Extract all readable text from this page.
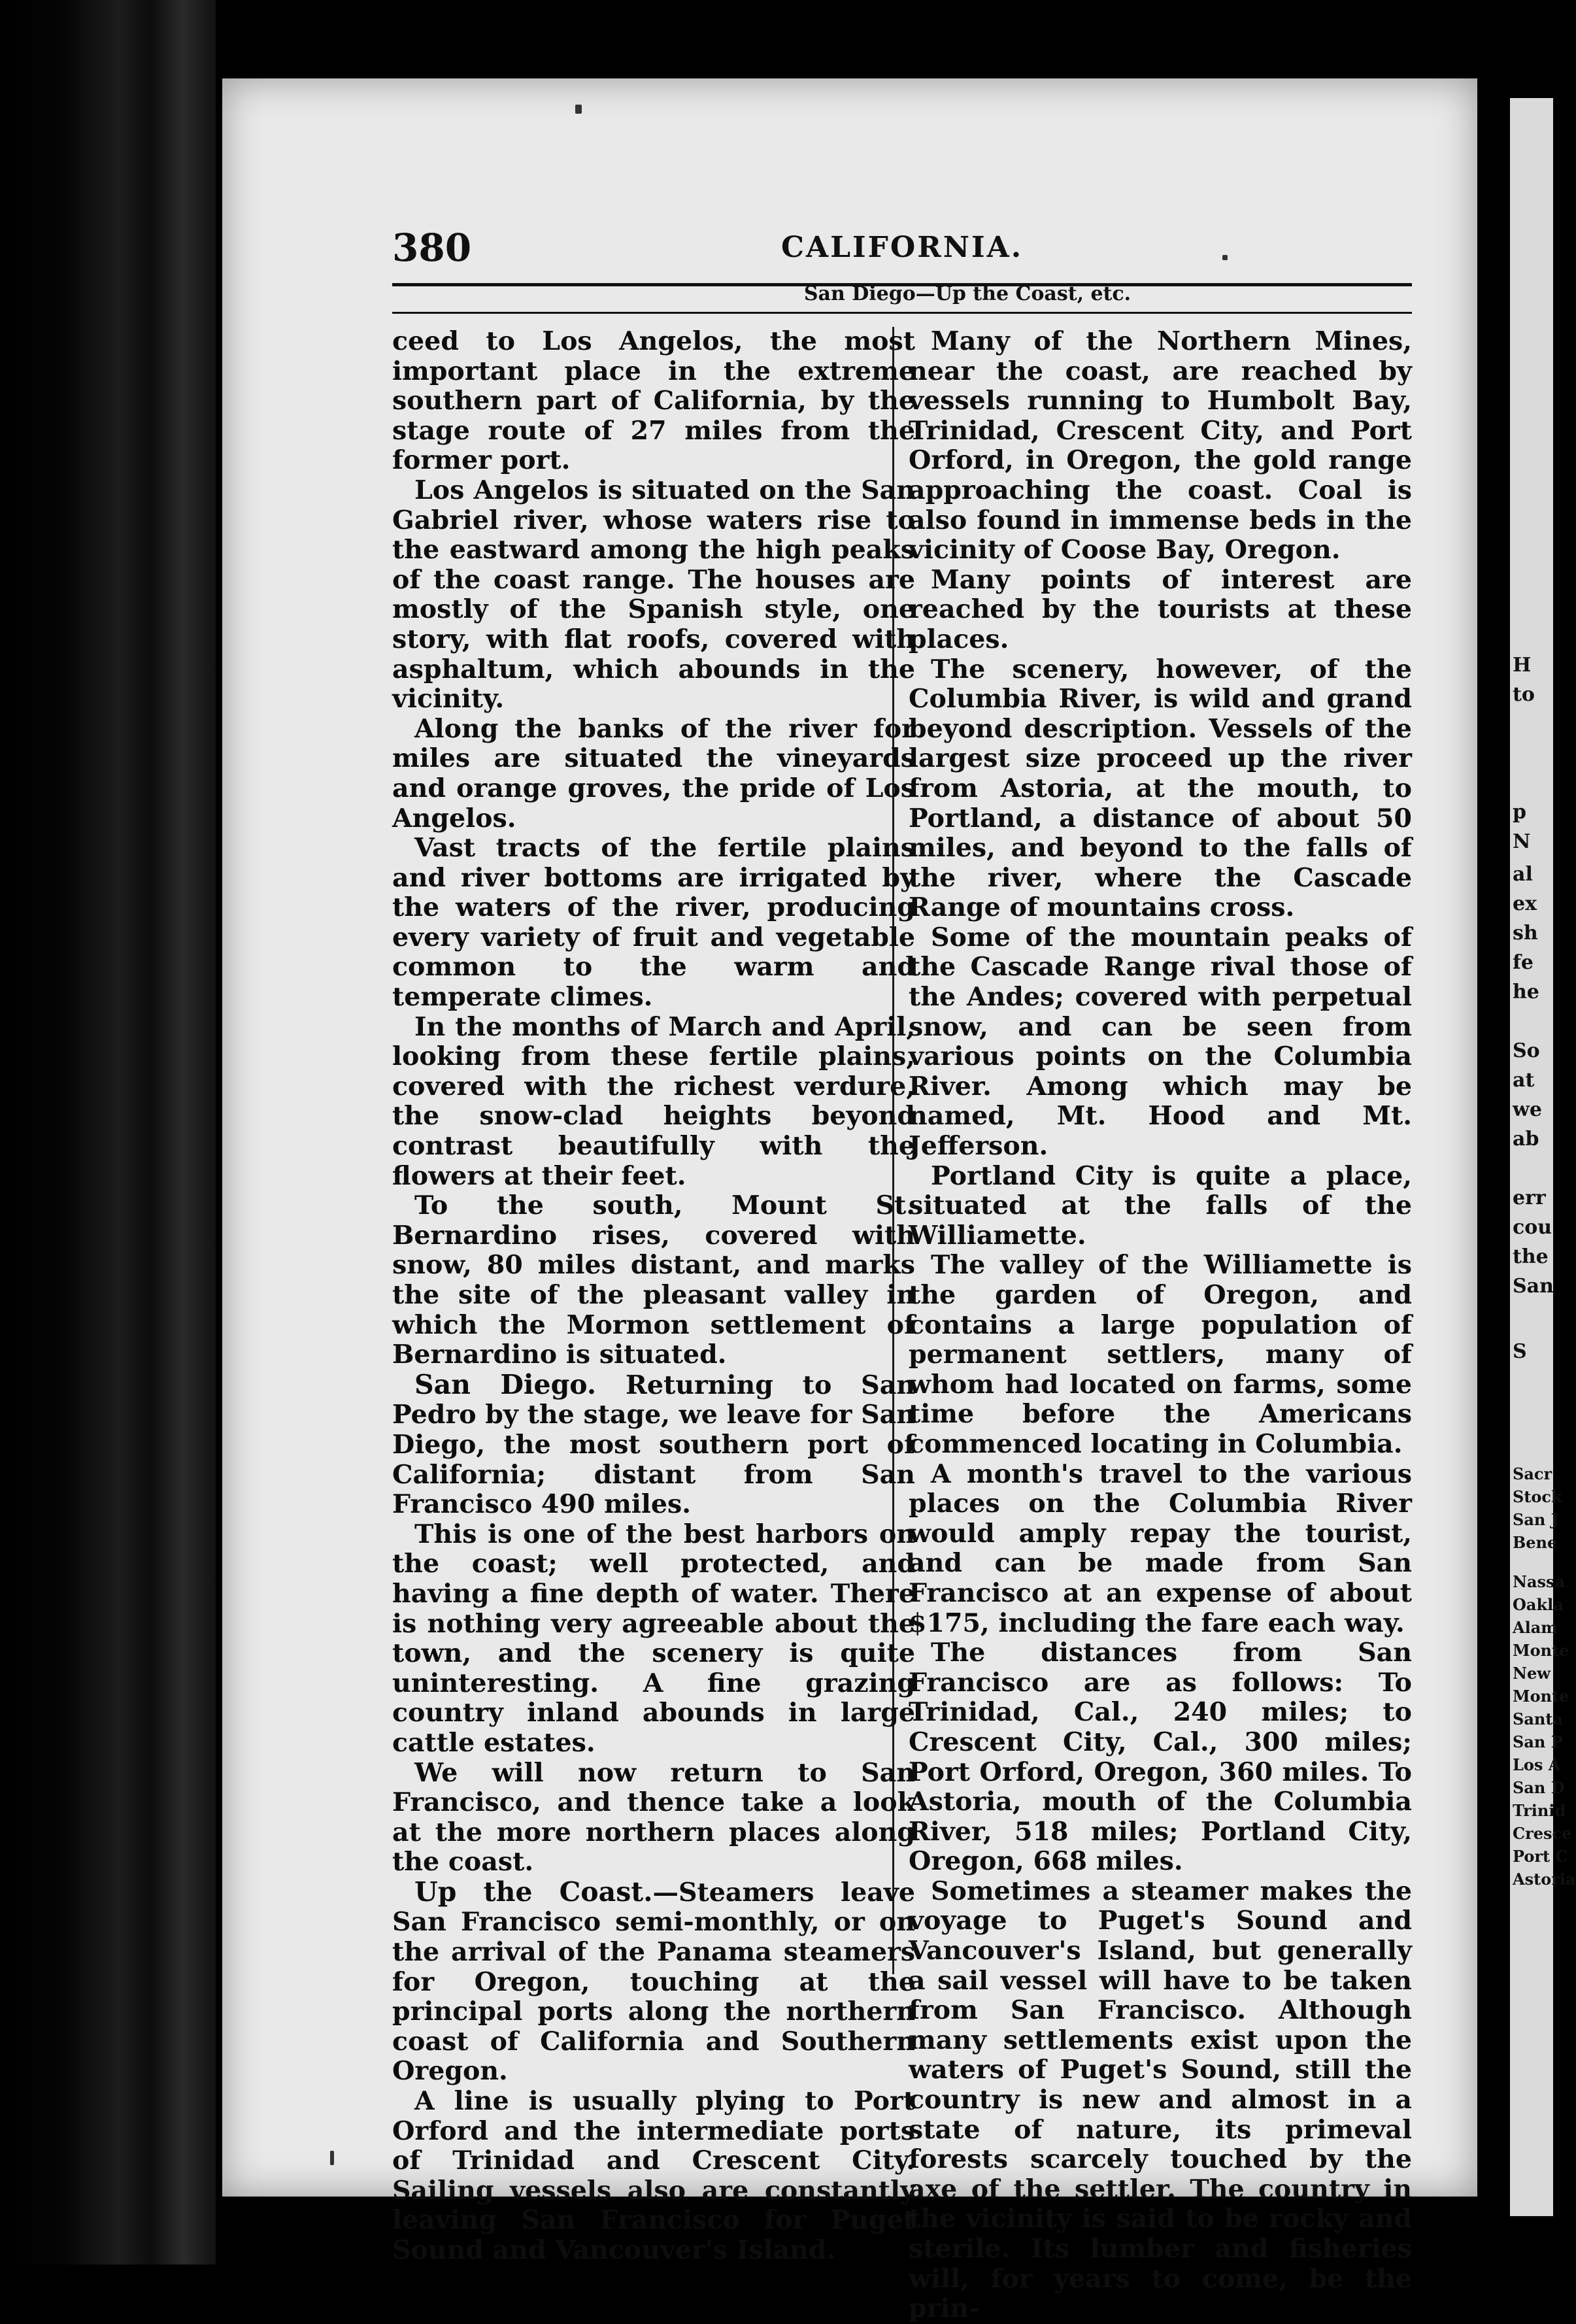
H
to
p
N
al
ex
sh
fe
he
So
at
we
ab
err
cou
the
San
S
Sacr
Stock
San J
Bene
Nassa
Oakla
Alam
Monte
New
Monte
Santa
San P
Los A
San D
Trinid
Cresce
Port C
Astoria
380	CALIFORNIA.
San Diego—Up the Coast, etc.

ceed to Los Angelos, the most important place in the extreme southern part of California, by the stage route of 27 miles from the former port.

Los Angelos is situated on the San Gabriel river, whose waters rise to the eastward among the high peaks of the coast range. The houses are mostly of the Spanish style, one story, with flat roofs, covered with asphaltum, which abounds in the vicinity.

Along the banks of the river for miles are situated the vineyards and orange groves, the pride of Los Angelos.

Vast tracts of the fertile plains and river bottoms are irrigated by the waters of the river, producing every variety of fruit and vegetable common to the warm and temperate climes.

In the months of March and April, looking from these fertile plains, covered with the richest verdure, the snow-clad heights beyond contrast beautifully with the flowers at their feet.

To the south, Mount St. Bernardino rises, covered with snow, 80 miles distant, and marks the site of the pleasant valley in which the Mormon settlement of Bernardino is situated.

San Diego. Returning to San Pedro by the stage, we leave for San Diego, the most southern port of California; distant from San Francisco 490 miles.

This is one of the best harbors on the coast; well protected, and having a fine depth of water. There is nothing very agreeable about the town, and the scenery is quite uninteresting. A fine grazing country inland abounds in large cattle estates.

We will now return to San Francisco, and thence take a look at the more northern places along the coast.

Up the Coast.—Steamers leave San Francisco semi-monthly, or on the arrival of the Panama steamers for Oregon, touching at the principal ports along the northern coast of California and Southern Oregon.

A line is usually plying to Port Orford and the intermediate ports of Trinidad and Crescent City. Sailing vessels also are constantly leaving San Francisco for Puget Sound and Vancouver's Island.

Many of the Northern Mines, near the coast, are reached by vessels running to Humbolt Bay, Trinidad, Crescent City, and Port Orford, in Oregon, the gold range approaching the coast. Coal is also found in immense beds in the vicinity of Coose Bay, Oregon.

Many points of interest are reached by the tourists at these places.

The scenery, however, of the Columbia River, is wild and grand beyond description. Vessels of the largest size proceed up the river from Astoria, at the mouth, to Portland, a distance of about 50 miles, and beyond to the falls of the river, where the Cascade Range of mountains cross.

Some of the mountain peaks of the Cascade Range rival those of the Andes; covered with perpetual snow, and can be seen from various points on the Columbia River. Among which may be named, Mt. Hood and Mt. Jefferson.

Portland City is quite a place, situated at the falls of the Williamette.

The valley of the Williamette is the garden of Oregon, and contains a large population of permanent settlers, many of whom had located on farms, some time before the Americans commenced locating in Columbia.

A month's travel to the various places on the Columbia River would amply repay the tourist, and can be made from San Francisco at an expense of about $175, including the fare each way.

The distances from San Francisco are as follows: To Trinidad, Cal., 240 miles; to Crescent City, Cal., 300 miles; Port Orford, Oregon, 360 miles. To Astoria, mouth of the Columbia River, 518 miles; Portland City, Oregon, 668 miles.

Sometimes a steamer makes the voyage to Puget's Sound and Vancouver's Island, but generally a sail vessel will have to be taken from San Francisco. Although many settlements exist upon the waters of Puget's Sound, still the country is new and almost in a state of nature, its primeval forests scarcely touched by the axe of the settler. The country in the vicinity is said to be rocky and sterile. Its lumber and fisheries will, for years to come, be the prin-
